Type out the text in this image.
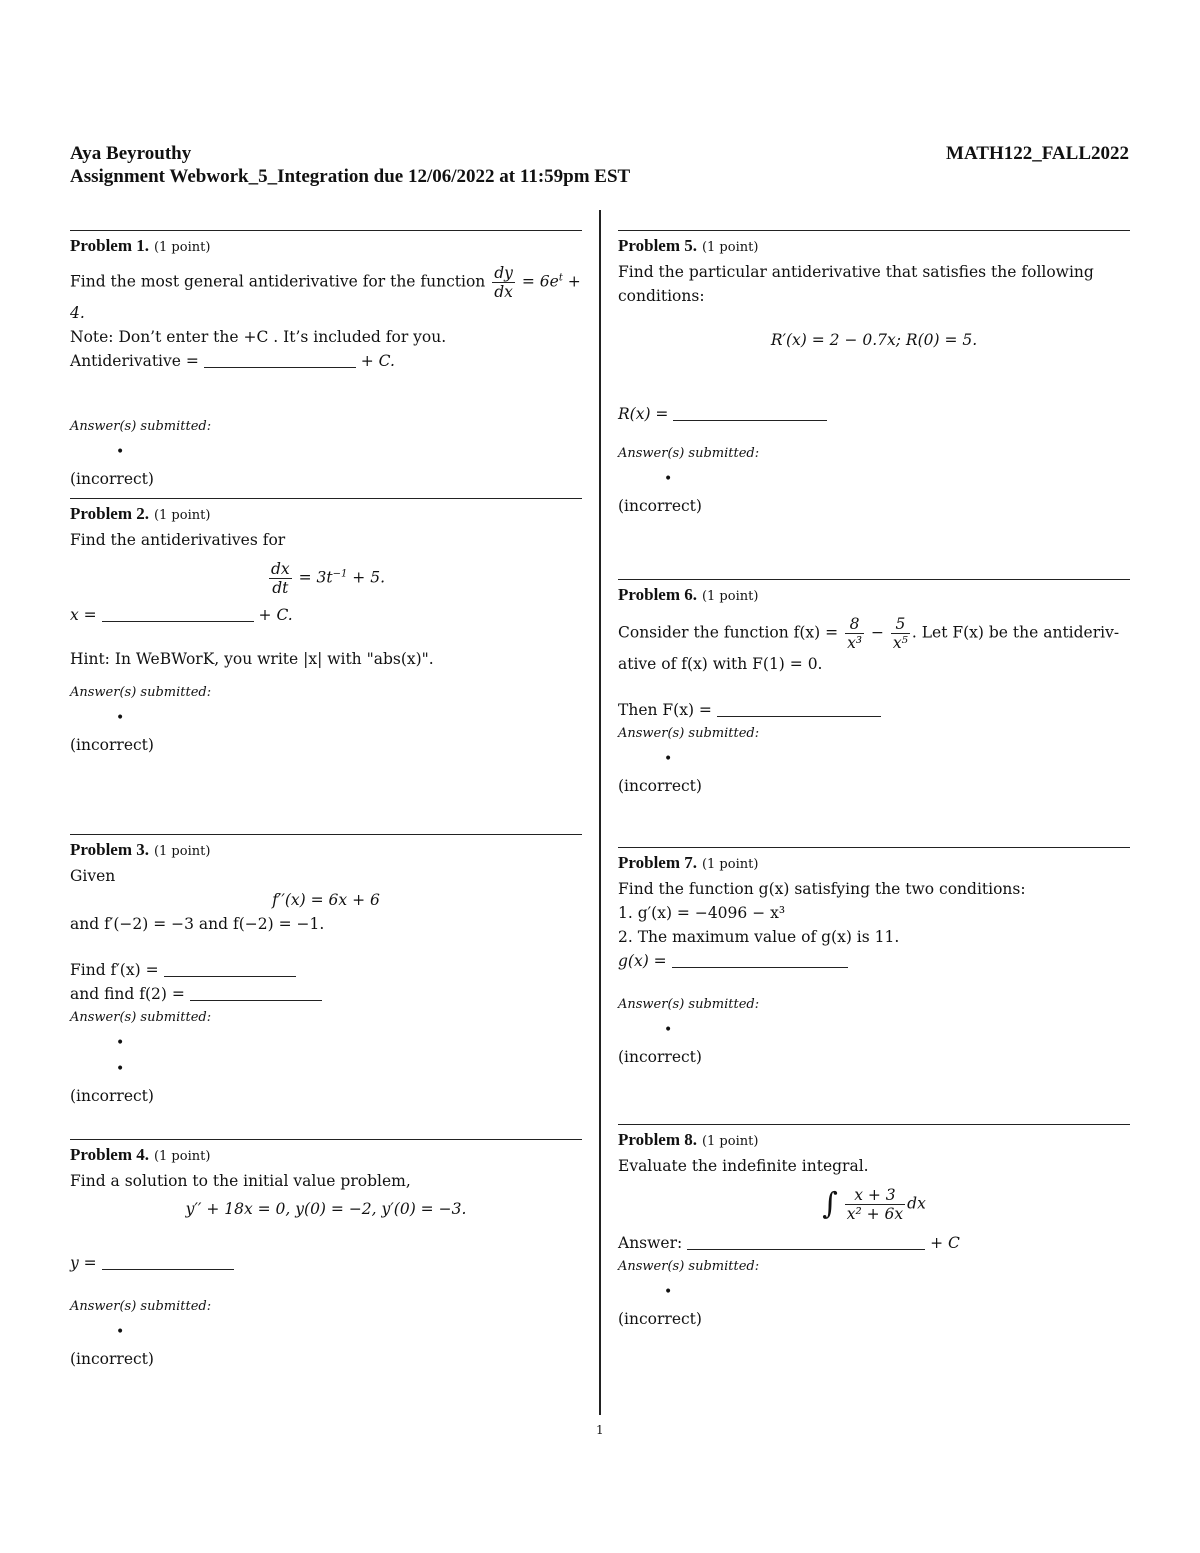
Aya Beyrouthy
Assignment Webwork_5_Integration due 12/06/2022 at 11:59pm EST
MATH122_FALL2022
Problem 1. (1 point)
Find the most general antiderivative for the function $\frac{dy}{dx} = 6e^t + 4$.
Note: Don’t enter the +C . It’s included for you.
Antiderivative =	+ C.
Answer(s) submitted:
•
(incorrect)
Problem 2. (1 point)
Find the antiderivatives for
$\frac{dx}{dt} = 3t^{-1} + 5$.
x =	+ C.
Hint: In WeBWorK, you write |x| with "abs(x)".
Answer(s) submitted:
•
(incorrect)
Problem 3. (1 point)
Given
f′′(x) = 6x + 6
and f′(−2) = −3 and f(−2) = −1.
Find f′(x) =
and find f(2) =
Answer(s) submitted:
•
•
(incorrect)
Problem 4. (1 point)
Find a solution to the initial value problem,
y′′ + 18x = 0, y(0) = −2, y′(0) = −3.
y =
Answer(s) submitted:
•
(incorrect)
Problem 5. (1 point)
Find the particular antiderivative that satisfies the following conditions:
R′(x) = 2 − 0.7x; R(0) = 5.
R(x) =
Answer(s) submitted:
•
(incorrect)
Problem 6. (1 point)
Consider the function $f(x) = \frac{8}{\text{x³}} - \frac{5}{\text{x⁵}}$ . Let F(x) be the antideriv-
ative of f(x) with F(1) = 0.
Then F(x) =
Answer(s) submitted:
•
(incorrect)
Problem 7. (1 point)
Find the function g(x) satisfying the two conditions:
1. g′(x) = −4096 − x³
2. The maximum value of g(x) is 11.
g(x) =
Answer(s) submitted:
•
(incorrect)
Problem 8. (1 point)
Evaluate the indefinite integral.
∫ $\frac{x + 3}{\text{x² + 6x}}$ dx
Answer:	+ C
Answer(s) submitted:
•
(incorrect)
1
